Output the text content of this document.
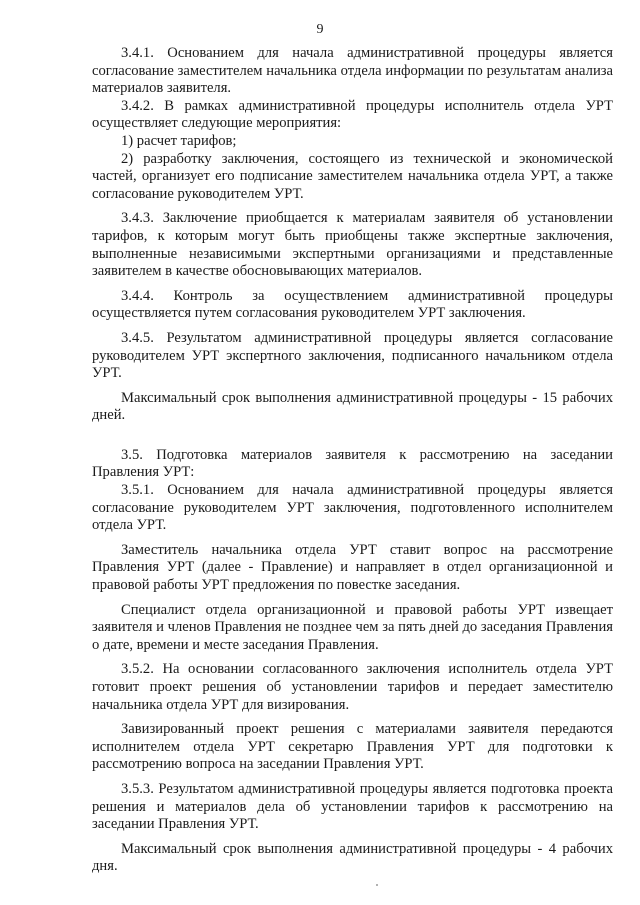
9

3.4.1. Основанием для начала административной процедуры является согласование заместителем начальника отдела информации по результатам анализа материалов заявителя.

3.4.2. В рамках административной процедуры исполнитель отдела УРТ осуществляет следующие мероприятия:

1) расчет тарифов;

2) разработку заключения, состоящего из технической и экономической частей, организует его подписание заместителем начальника отдела УРТ, а также согласование руководителем УРТ.

3.4.3. Заключение приобщается к материалам заявителя об установлении тарифов, к которым могут быть приобщены также экспертные заключения, выполненные независимыми экспертными организациями и представленные заявителем в качестве обосновывающих материалов.

3.4.4. Контроль за осуществлением административной процедуры осуществляется путем согласования руководителем УРТ заключения.

3.4.5. Результатом административной процедуры является согласование руководителем УРТ экспертного заключения, подписанного начальником отдела УРТ.

Максимальный срок выполнения административной процедуры - 15 рабочих дней.

3.5. Подготовка материалов заявителя к рассмотрению на заседании Правления УРТ:

3.5.1. Основанием для начала административной процедуры является согласование руководителем УРТ заключения, подготовленного исполнителем отдела УРТ.

Заместитель начальника отдела УРТ ставит вопрос на рассмотрение Правления УРТ (далее - Правление) и направляет в отдел организационной и правовой работы УРТ предложения по повестке заседания.

Специалист отдела организационной и правовой работы УРТ извещает заявителя и членов Правления не позднее чем за пять дней до заседания Правления о дате, времени и месте заседания Правления.

3.5.2. На основании согласованного заключения исполнитель отдела УРТ готовит проект решения об установлении тарифов и передает заместителю начальника отдела УРТ для визирования.

Завизированный проект решения с материалами заявителя передаются исполнителем отдела УРТ секретарю Правления УРТ для подготовки к рассмотрению вопроса на заседании Правления УРТ.

3.5.3. Результатом административной процедуры является подготовка проекта решения и материалов дела об установлении тарифов к рассмотрению на заседании Правления УРТ.

Максимальный срок выполнения административной процедуры - 4 рабочих дня.
